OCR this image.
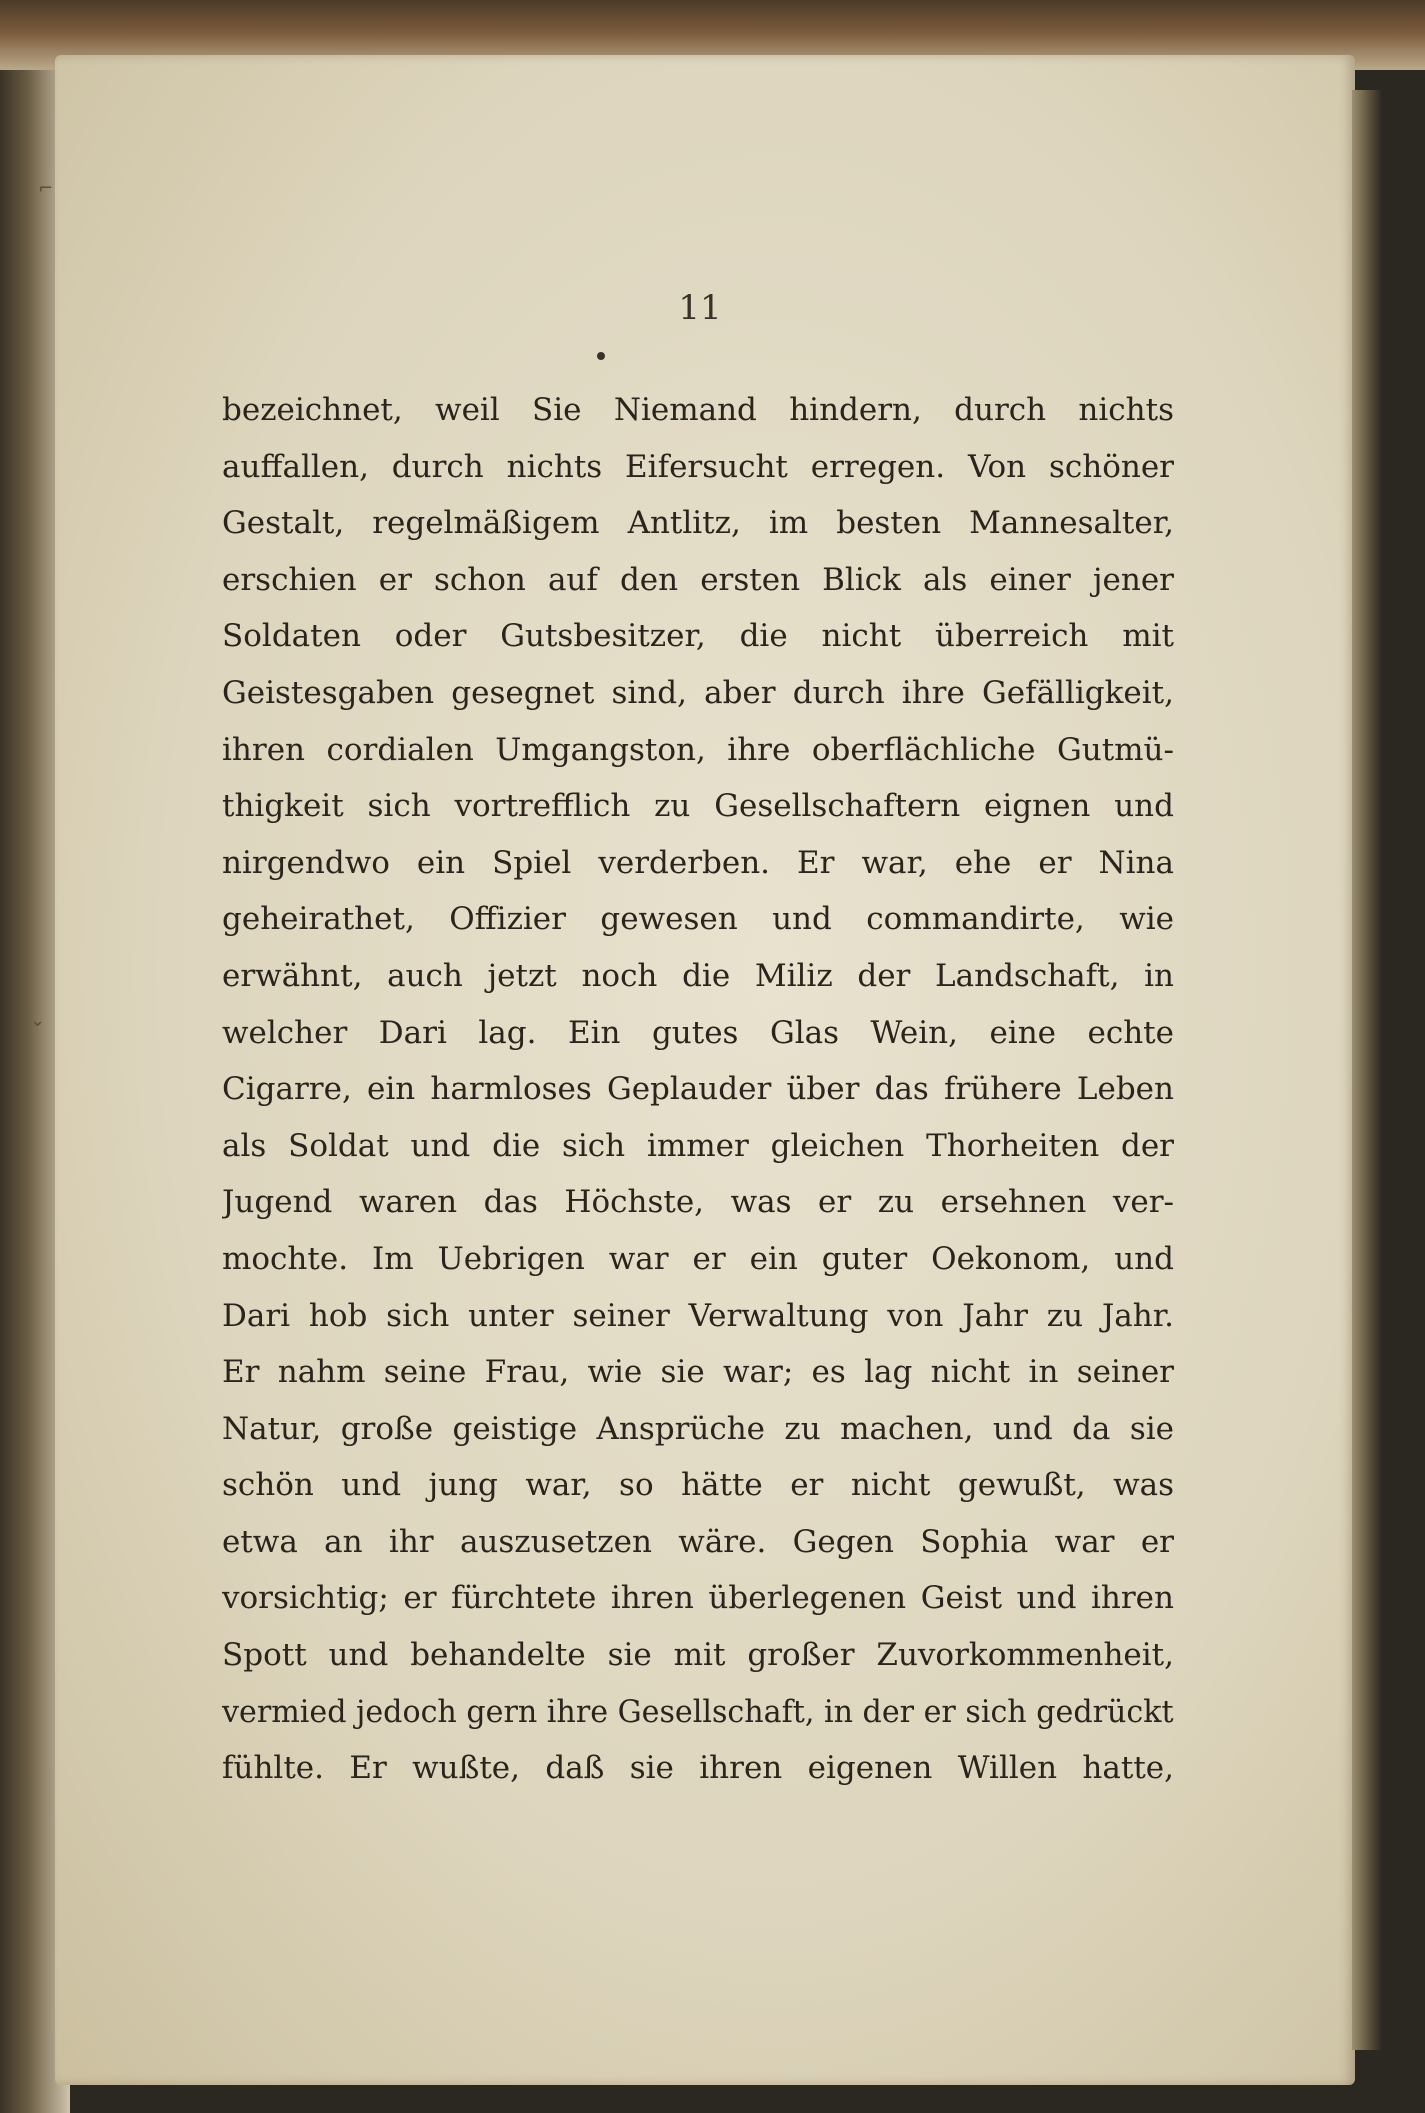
⌐
⌄
11
bezeichnet, weil Sie Niemand hindern, durch nichts
auffallen, durch nichts Eifersucht erregen. Von schöner
Gestalt, regelmäßigem Antlitz, im besten Mannesalter,
erschien er schon auf den ersten Blick als einer jener
Soldaten oder Gutsbesitzer, die nicht überreich mit
Geistesgaben gesegnet sind, aber durch ihre Gefälligkeit,
ihren cordialen Umgangston, ihre oberflächliche Gutmü-
thigkeit sich vortrefflich zu Gesellschaftern eignen und
nirgendwo ein Spiel verderben. Er war, ehe er Nina
geheirathet, Offizier gewesen und commandirte, wie
erwähnt, auch jetzt noch die Miliz der Landschaft, in
welcher Dari lag. Ein gutes Glas Wein, eine echte
Cigarre, ein harmloses Geplauder über das frühere Leben
als Soldat und die sich immer gleichen Thorheiten der
Jugend waren das Höchste, was er zu ersehnen ver-
mochte. Im Uebrigen war er ein guter Oekonom, und
Dari hob sich unter seiner Verwaltung von Jahr zu Jahr.
Er nahm seine Frau, wie sie war; es lag nicht in seiner
Natur, große geistige Ansprüche zu machen, und da sie
schön und jung war, so hätte er nicht gewußt, was
etwa an ihr auszusetzen wäre. Gegen Sophia war er
vorsichtig; er fürchtete ihren überlegenen Geist und ihren
Spott und behandelte sie mit großer Zuvorkommenheit,
vermied jedoch gern ihre Gesellschaft, in der er sich gedrückt
fühlte. Er wußte, daß sie ihren eigenen Willen hatte,
